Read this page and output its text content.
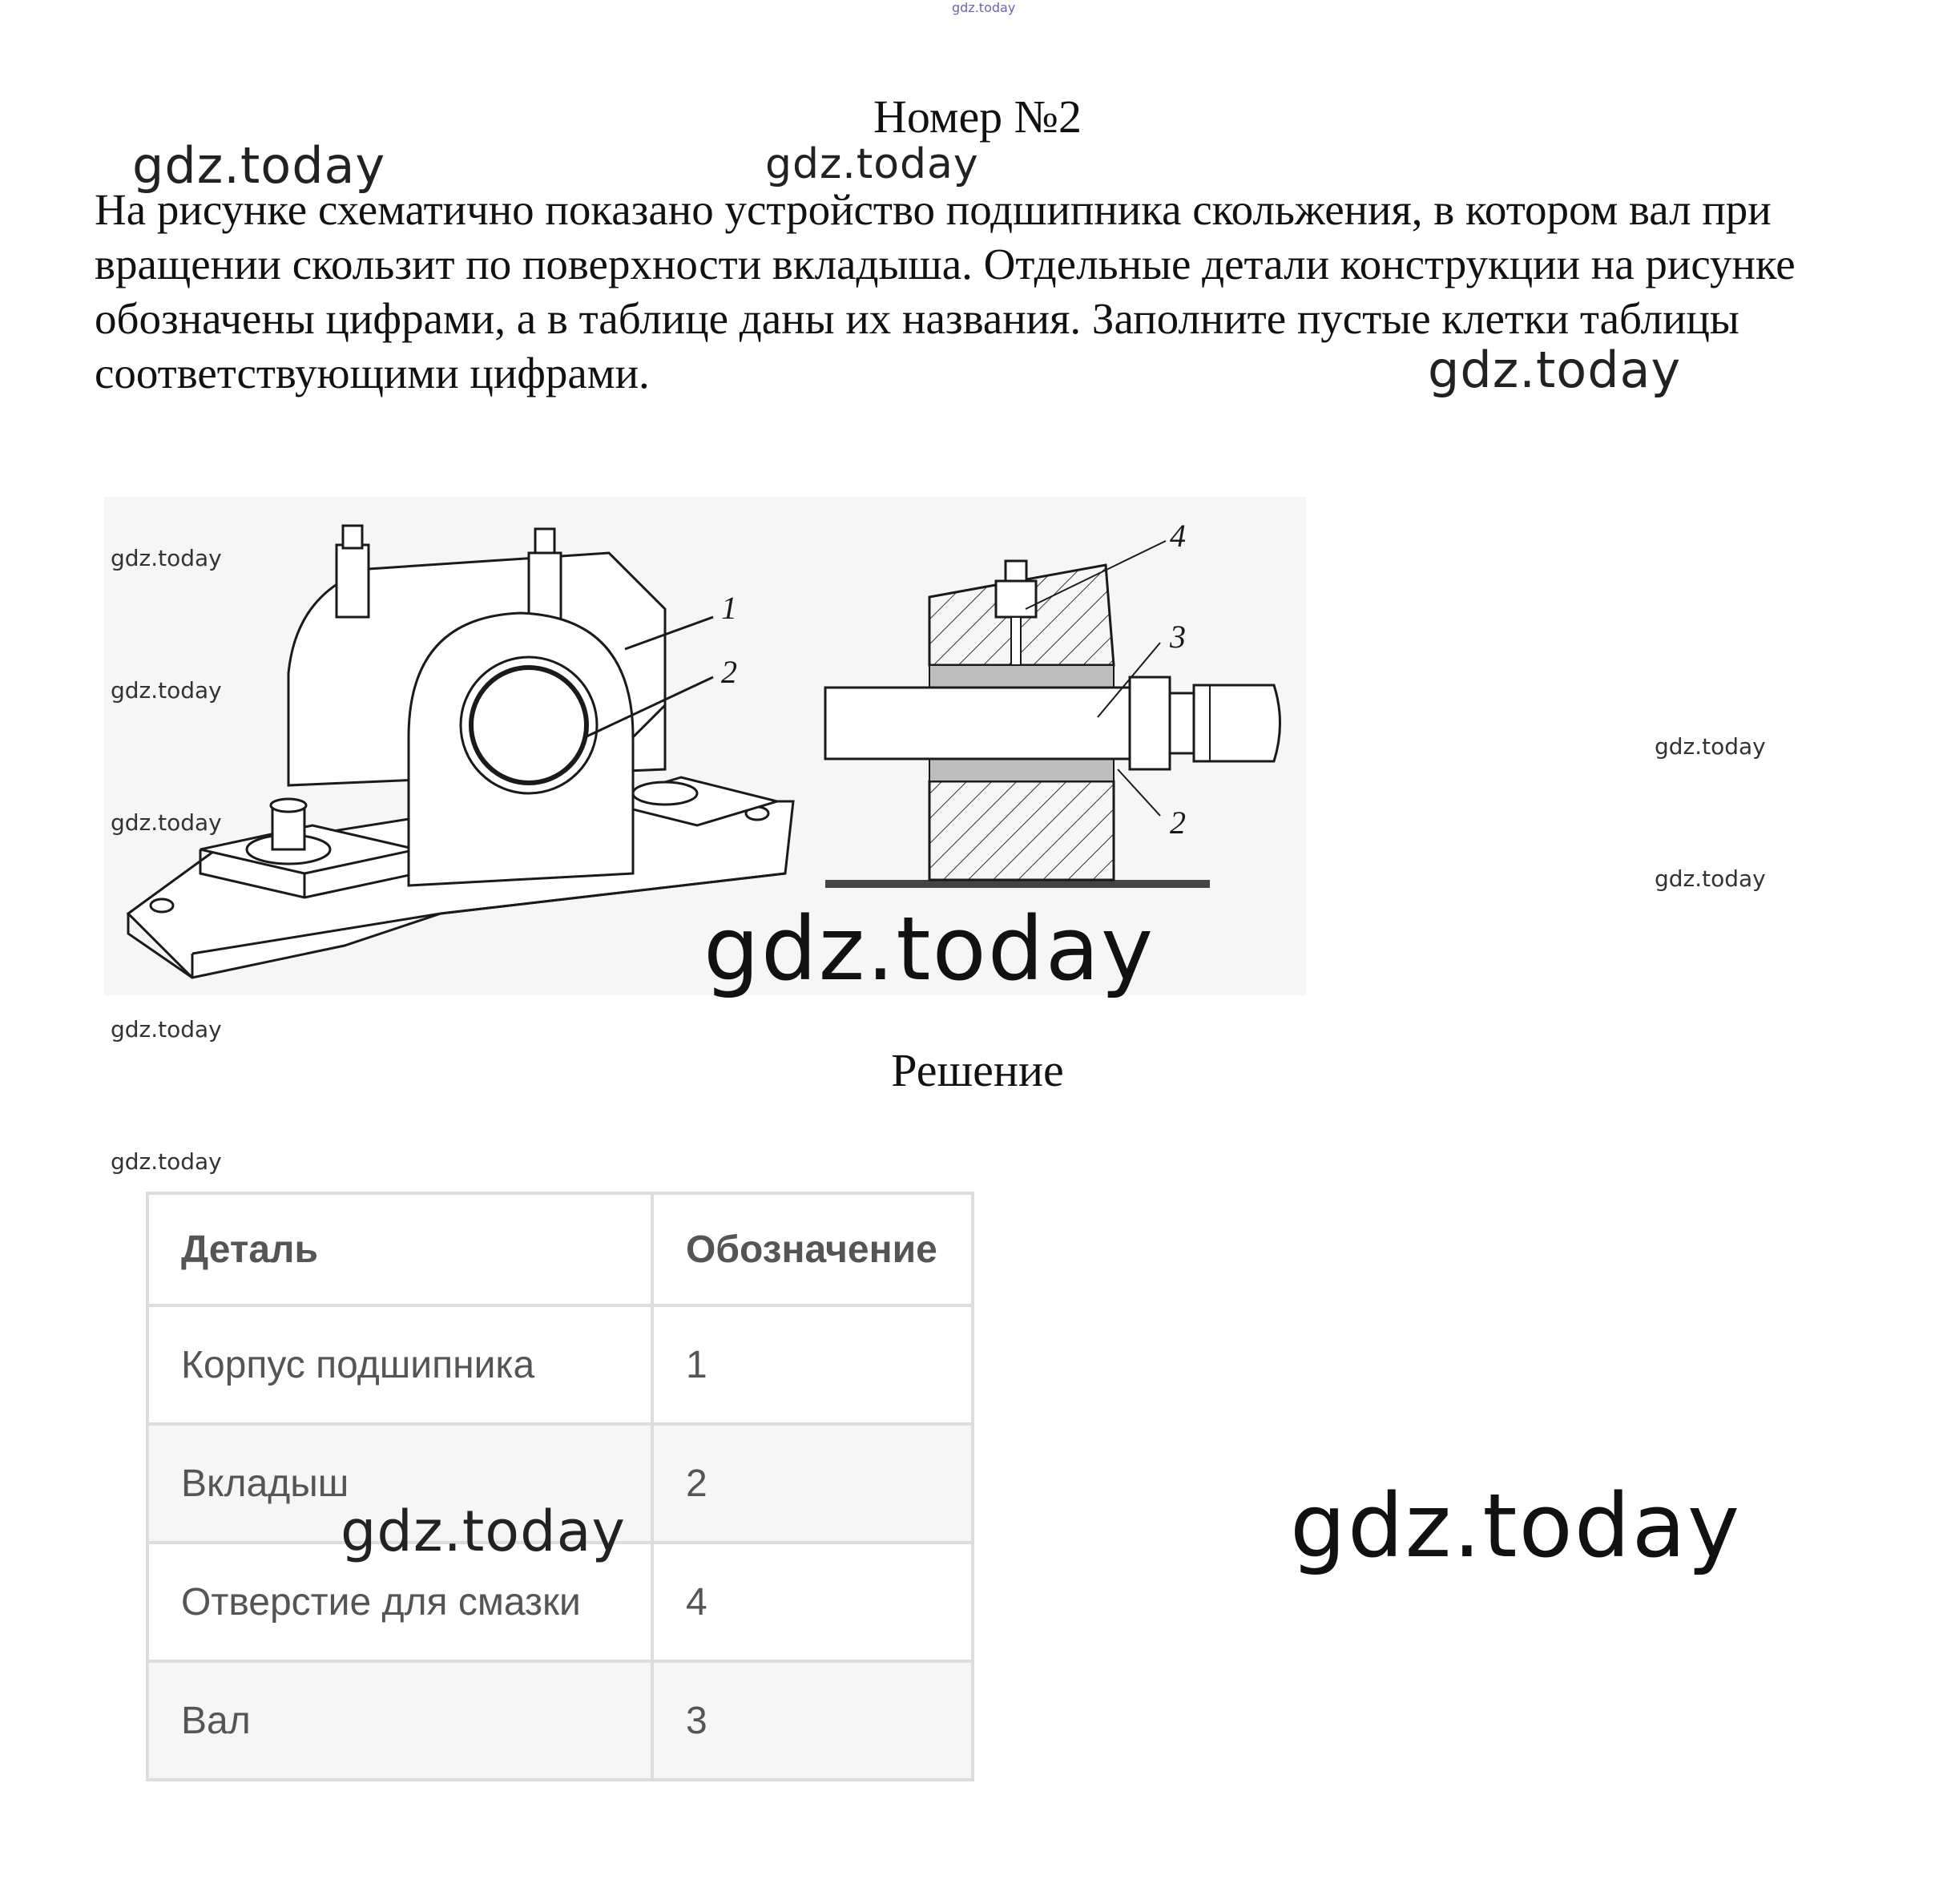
Номер №2
На рисунке схематично показано устройство подшипника скольжения, в котором вал при вращении скользит по поверхности вкладыша. Отдельные детали конструкции на рисунке обозначены цифрами, а в таблице даны их названия. Заполните пустые клетки таблицы соответствующими цифрами.
1
2
4
3
2
Решение
Деталь	Обозначение
Корпус подшипника	1
Вкладыш	2
Отверстие для смазки	4
Вал	3
gdz.today
gdz.today	gdz.today
gdz.today
gdz.today
gdz.today
gdz.today
gdz.today
gdz.today
gdz.today
gdz.today
gdz.today
gdz.today	gdz.today
